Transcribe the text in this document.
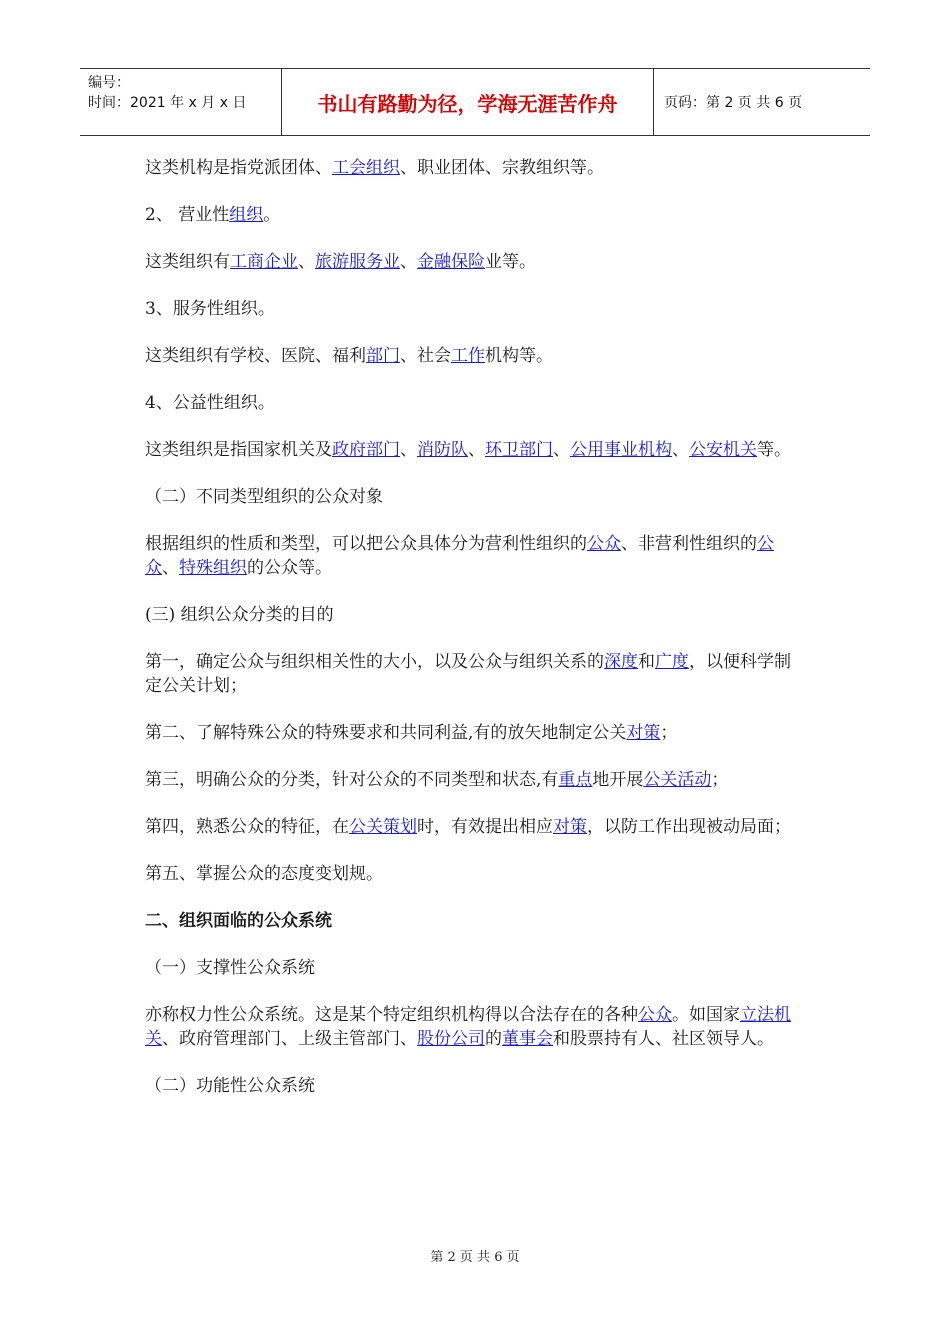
编号：
时间：2021 年 x 月 x 日	书山有路勤为径，学海无涯苦作舟	页码：第 2 页 共 6 页

这类机构是指党派团体、工会组织、职业团体、宗教组织等。

2、 营业性组织。

这类组织有工商企业、旅游服务业、金融保险业等。

3、服务性组织。

这类组织有学校、医院、福利部门、社会工作机构等。

4、公益性组织。

这类组织是指国家机关及政府部门、消防队、环卫部门、公用事业机构、公安机关等。

（二）不同类型组织的公众对象

根据组织的性质和类型，可以把公众具体分为营利性组织的公众、非营利性组织的公众、特殊组织的公众等。

(三) 组织公众分类的目的

第一，确定公众与组织相关性的大小，以及公众与组织关系的深度和广度，以便科学制定公关计划；

第二、了解特殊公众的特殊要求和共同利益,有的放矢地制定公关对策；

第三，明确公众的分类，针对公众的不同类型和状态,有重点地开展公关活动；

第四，熟悉公众的特征，在公关策划时，有效提出相应对策，以防工作出现被动局面；

第五、掌握公众的态度变划规。

二、组织面临的公众系统

（一）支撑性公众系统

亦称权力性公众系统。这是某个特定组织机构得以合法存在的各种公众。如国家立法机关、政府管理部门、上级主管部门、股份公司的董事会和股票持有人、社区领导人。

（二）功能性公众系统

第 2 页 共 6 页
